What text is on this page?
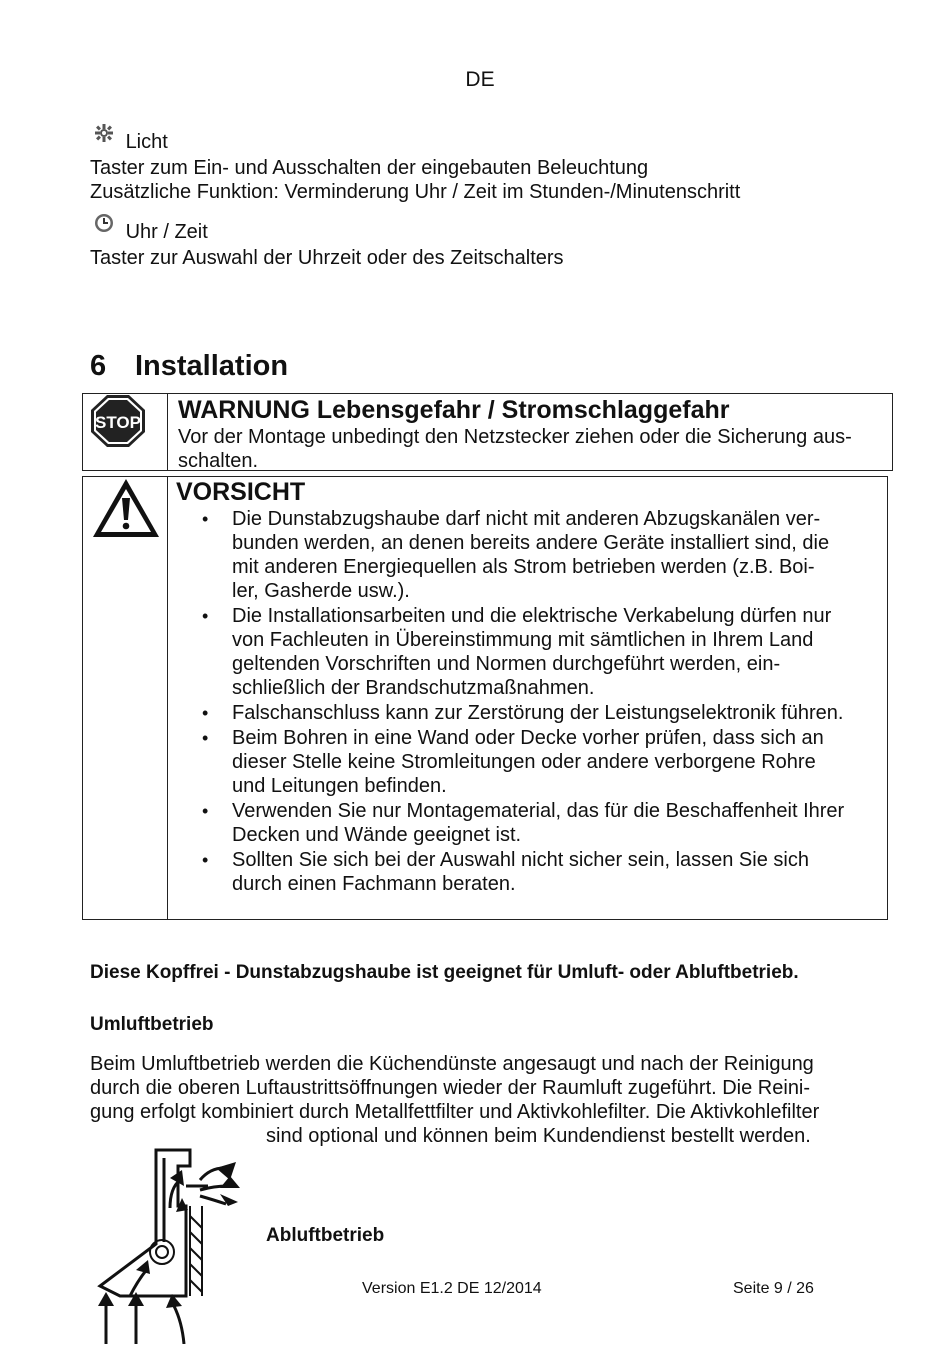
DE
Licht
Taster zum Ein- und Ausschalten der eingebauten Beleuchtung
Zusätzliche Funktion: Verminderung Uhr / Zeit im Stunden-/Minutenschritt
Uhr / Zeit
Taster zur Auswahl der Uhrzeit oder des Zeitschalters
6 Installation
STOP WARNUNG Lebensgefahr / Stromschlaggefahr
Vor der Montage unbedingt den Netzstecker ziehen oder die Sicherung aus-
schalten.
VORSICHT
• Die Dunstabzugshaube darf nicht mit anderen Abzugskanälen ver-
bunden werden, an denen bereits andere Geräte installiert sind, die
mit anderen Energiequellen als Strom betrieben werden (z.B. Boi-
ler, Gasherde usw.).
• Die Installationsarbeiten und die elektrische Verkabelung dürfen nur
von Fachleuten in Übereinstimmung mit sämtlichen in Ihrem Land
geltenden Vorschriften und Normen durchgeführt werden, ein-
schließlich der Brandschutzmaßnahmen.
• Falschanschluss kann zur Zerstörung der Leistungselektronik führen.
• Beim Bohren in eine Wand oder Decke vorher prüfen, dass sich an
dieser Stelle keine Stromleitungen oder andere verborgene Rohre
und Leitungen befinden.
• Verwenden Sie nur Montagematerial, das für die Beschaffenheit Ihrer
Decken und Wände geeignet ist.
• Sollten Sie sich bei der Auswahl nicht sicher sein, lassen Sie sich
durch einen Fachmann beraten.
Diese Kopffrei - Dunstabzugshaube ist geeignet für Umluft- oder Abluftbetrieb.
Umluftbetrieb
Beim Umluftbetrieb werden die Küchendünste angesaugt und nach der Reinigung
durch die oberen Luftaustrittsöffnungen wieder der Raumluft zugeführt. Die Reini-
gung erfolgt kombiniert durch Metallfettfilter und Aktivkohlefilter. Die Aktivkohlefilter
sind optional und können beim Kundendienst bestellt werden.
Abluftbetrieb
Version E1.2 DE 12/2014	Seite 9 / 26
